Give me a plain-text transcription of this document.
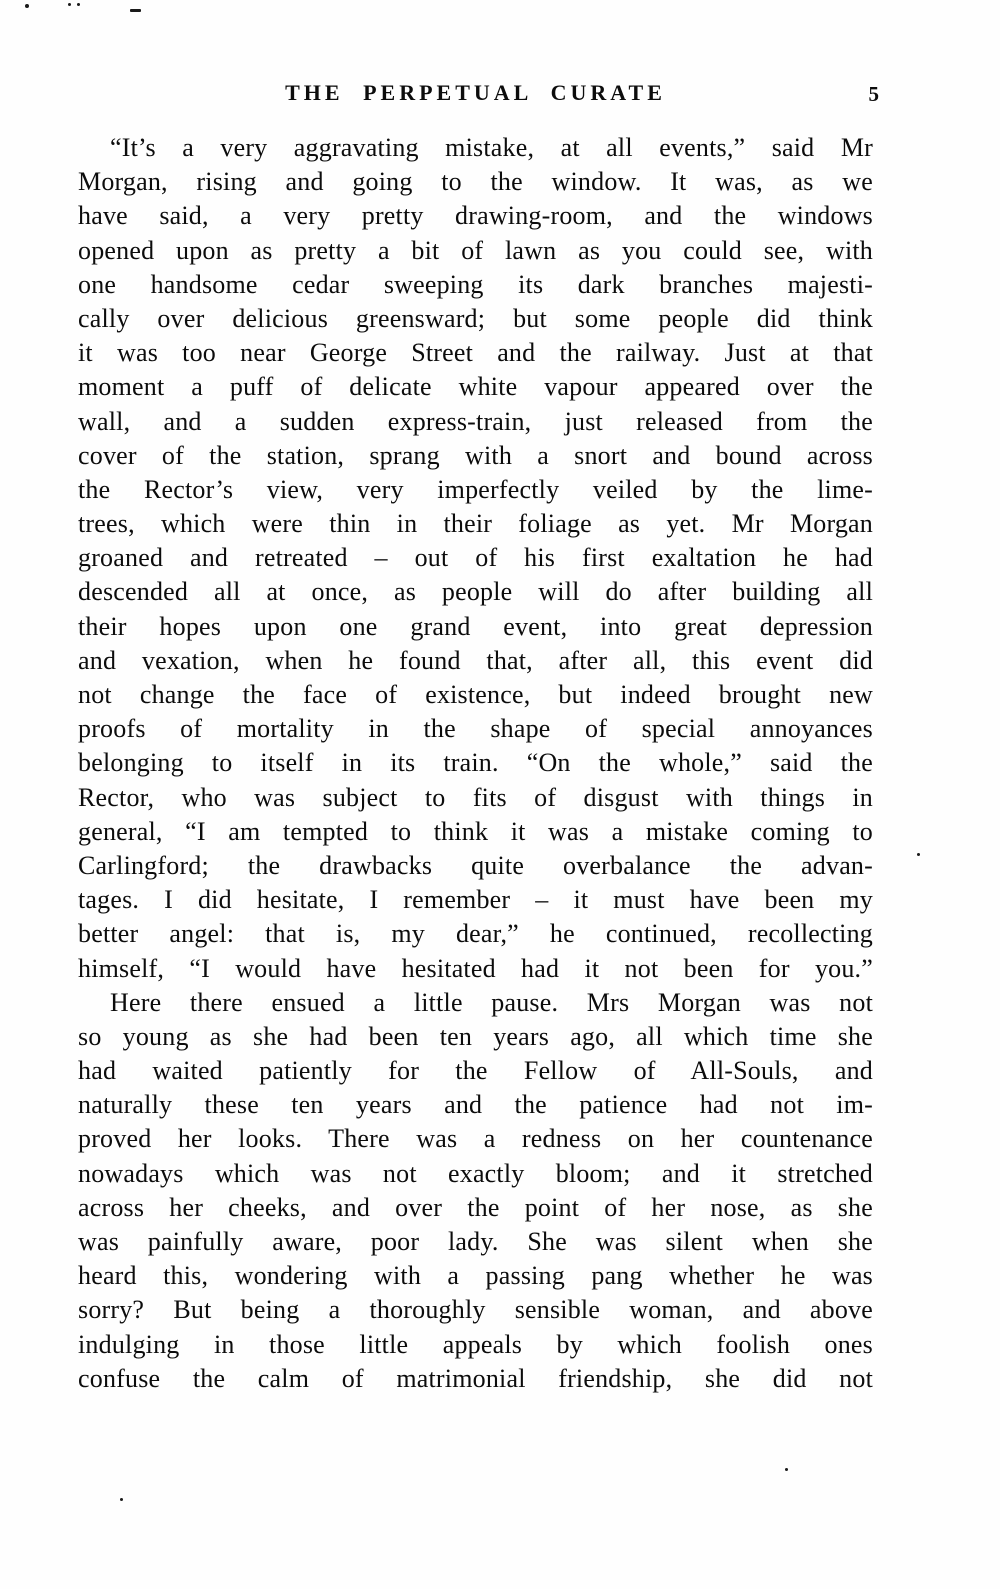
THE PERPETUAL CURATE	5
“It’s a very aggravating mistake, at all events,” said Mr
Morgan, rising and going to the window. It was, as we
have said, a very pretty drawing-room, and the windows
opened upon as pretty a bit of lawn as you could see, with
one handsome cedar sweeping its dark branches majesti-
cally over delicious greensward; but some people did think
it was too near George Street and the railway. Just at that
moment a puff of delicate white vapour appeared over the
wall, and a sudden express-train, just released from the
cover of the station, sprang with a snort and bound across
the Rector’s view, very imperfectly veiled by the lime-
trees, which were thin in their foliage as yet. Mr Morgan
groaned and retreated – out of his first exaltation he had
descended all at once, as people will do after building all
their hopes upon one grand event, into great depression
and vexation, when he found that, after all, this event did
not change the face of existence, but indeed brought new
proofs of mortality in the shape of special annoyances
belonging to itself in its train. “On the whole,” said the
Rector, who was subject to fits of disgust with things in
general, “I am tempted to think it was a mistake coming to
Carlingford; the drawbacks quite overbalance the advan-
tages. I did hesitate, I remember – it must have been my
better angel: that is, my dear,” he continued, recollecting
himself, “I would have hesitated had it not been for you.”
Here there ensued a little pause. Mrs Morgan was not
so young as she had been ten years ago, all which time she
had waited patiently for the Fellow of All-Souls, and
naturally these ten years and the patience had not im-
proved her looks. There was a redness on her countenance
nowadays which was not exactly bloom; and it stretched
across her cheeks, and over the point of her nose, as she
was painfully aware, poor lady. She was silent when she
heard this, wondering with a passing pang whether he was
sorry? But being a thoroughly sensible woman, and above
indulging in those little appeals by which foolish ones
confuse the calm of matrimonial friendship, she did not
